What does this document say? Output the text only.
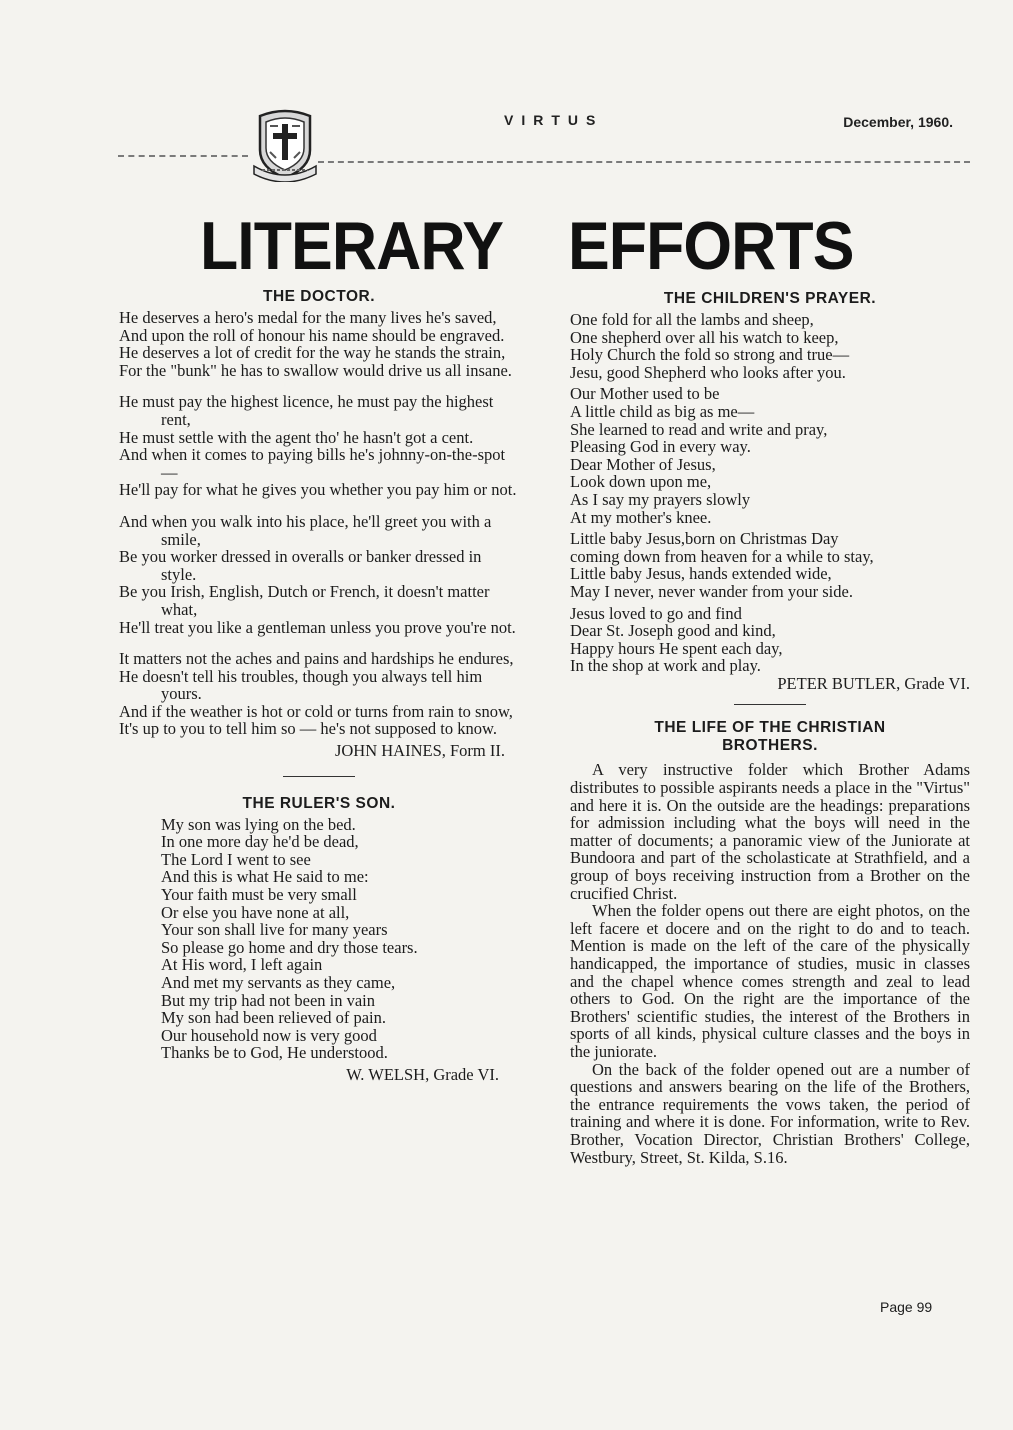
VIRTUS	December, 1960.
LITERARY EFFORTS
THE DOCTOR.
He deserves a hero's medal for the many lives he's saved,
And upon the roll of honour his name should be engraved.
He deserves a lot of credit for the way he stands the strain,
For the "bunk" he has to swallow would drive us all insane.
He must pay the highest licence, he must pay the highest rent,
He must settle with the agent tho' he hasn't got a cent.
And when it comes to paying bills he's johnny-on-the-spot—
He'll pay for what he gives you whether you pay him or not.
And when you walk into his place, he'll greet you with a smile,
Be you worker dressed in overalls or banker dressed in style.
Be you Irish, English, Dutch or French, it doesn't matter what,
He'll treat you like a gentleman unless you prove you're not.
It matters not the aches and pains and hardships he endures,
He doesn't tell his troubles, though you always tell him yours.
And if the weather is hot or cold or turns from rain to snow,
It's up to you to tell him so — he's not supposed to know.
JOHN HAINES, Form II.
THE RULER'S SON.
My son was lying on the bed.
In one more day he'd be dead,
The Lord I went to see
And this is what He said to me:
Your faith must be very small
Or else you have none at all,
Your son shall live for many years
So please go home and dry those tears.
At His word, I left again
And met my servants as they came,
But my trip had not been in vain
My son had been relieved of pain.
Our household now is very good
Thanks be to God, He understood.
W. WELSH, Grade VI.
THE CHILDREN'S PRAYER.
One fold for all the lambs and sheep,
One shepherd over all his watch to keep,
Holy Church the fold so strong and true—
Jesu, good Shepherd who looks after you.
Our Mother used to be
A little child as big as me—
She learned to read and write and pray,
Pleasing God in every way.
Dear Mother of Jesus,
Look down upon me,
As I say my prayers slowly
At my mother's knee.
Little baby Jesus,born on Christmas Day
coming down from heaven for a while to stay,
Little baby Jesus, hands extended wide,
May I never, never wander from your side.
Jesus loved to go and find
Dear St. Joseph good and kind,
Happy hours He spent each day,
In the shop at work and play.
PETER BUTLER, Grade VI.
THE LIFE OF THE CHRISTIAN
BROTHERS.

A very instructive folder which Brother Adams distributes to possible aspirants needs a place in the "Virtus" and here it is. On the outside are the headings: preparations for admission including what the boys will need in the matter of documents; a panoramic view of the Juniorate at Bundoora and part of the scholasticate at Strathfield, and a group of boys receiving instruction from a Brother on the crucified Christ.

When the folder opens out there are eight photos, on the left facere et docere and on the right to do and to teach. Mention is made on the left of the care of the physically handicapped, the importance of studies, music in classes and the chapel whence comes strength and zeal to lead others to God. On the right are the importance of the Brothers' scientific studies, the interest of the Brothers in sports of all kinds, physical culture classes and the boys in the juniorate.

On the back of the folder opened out are a number of questions and answers bearing on the life of the Brothers, the entrance requirements the vows taken, the period of training and where it is done. For information, write to Rev. Brother, Vocation Director, Christian Brothers' College, Westbury, Street, St. Kilda, S.16.

Page 99
